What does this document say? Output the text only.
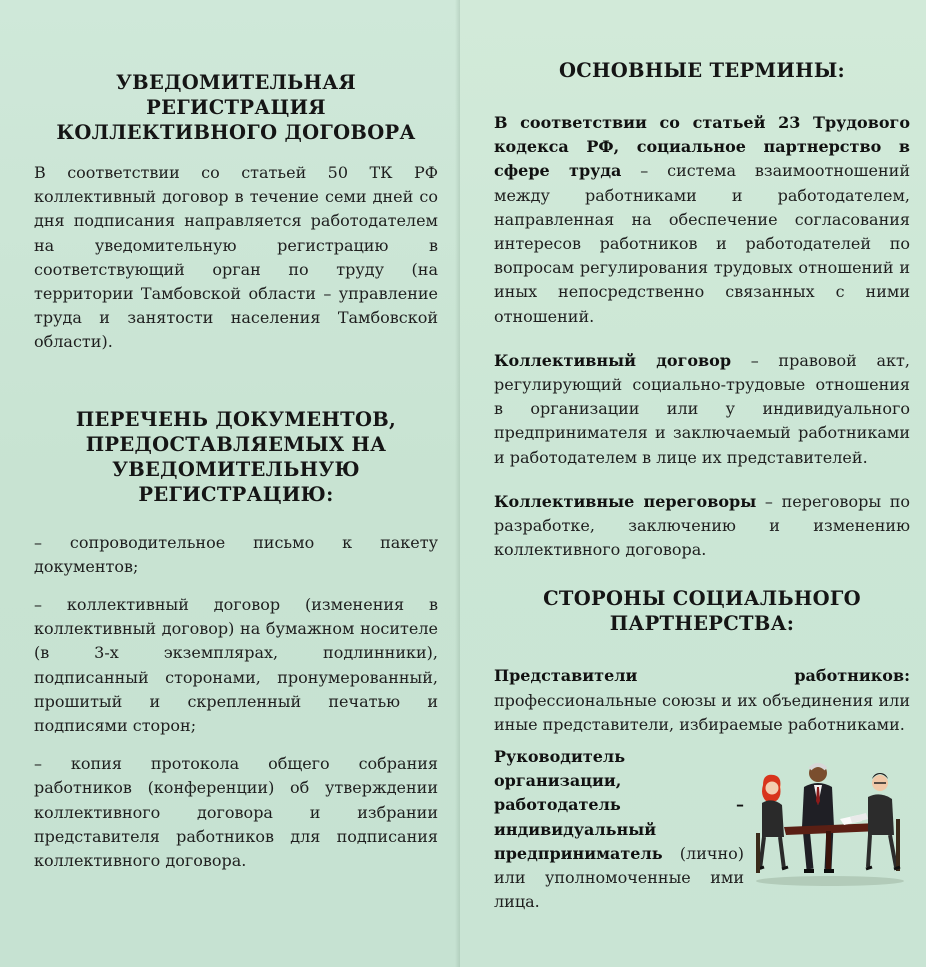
УВЕДОМИТЕЛЬНАЯ РЕГИСТРАЦИЯ КОЛЛЕКТИВНОГО ДОГОВОРА

В соответствии со статьей 50 ТК РФ коллективный договор в течение семи дней со дня подписания направляется работодателем на уведомительную регистрацию в соответствующий орган по труду (на территории Тамбовской области – управление труда и занятости населения Тамбовской области).

ПЕРЕЧЕНЬ ДОКУМЕНТОВ, ПРЕДОСТАВЛЯЕМЫХ НА УВЕДОМИТЕЛЬНУЮ РЕГИСТРАЦИЮ:

– сопроводительное письмо к пакету документов;

– коллективный договор (изменения в коллективный договор) на бумажном носителе (в 3-х экземплярах, подлинники), подписанный сторонами, пронумерованный, прошитый и скрепленный печатью и подписями сторон;

– копия протокола общего собрания работников (конференции) об утверждении коллективного договора и избрании представителя работников для подписания коллективного договора.

ОСНОВНЫЕ ТЕРМИНЫ:

В соответствии со статьей 23 Трудового кодекса РФ, социальное партнерство в сфере труда – система взаимоотношений между работниками и работодателем, направленная на обеспечение согласования интересов работников и работодателей по вопросам регулирования трудовых отношений и иных непосредственно связанных с ними отношений.

Коллективный договор – правовой акт, регулирующий социально-трудовые отношения в организации или у индивидуального предпринимателя и заключаемый работниками и работодателем в лице их представителей.

Коллективные переговоры – переговоры по разработке, заключению и изменению коллективного договора.

СТОРОНЫ СОЦИАЛЬНОГО ПАРТНЕРСТВА:

Представители работников: профессиональные союзы и их объединения или иные представители, избираемые работниками.

Руководитель организации, работодатель – индивидуальный предприниматель (лично) или уполномоченные ими лица.
